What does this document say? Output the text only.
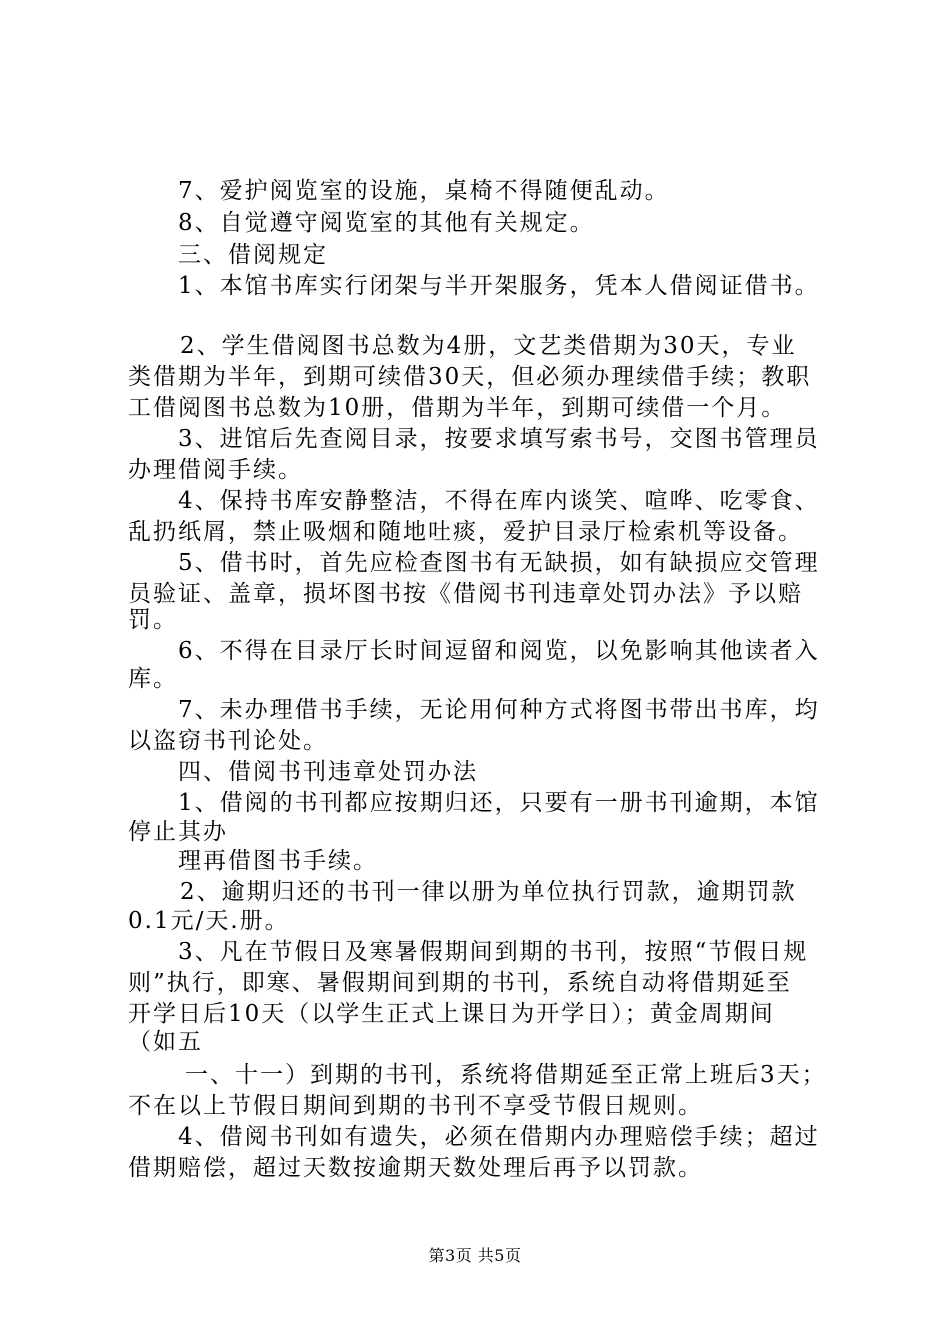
7、爱护阅览室的设施，桌椅不得随便乱动。
8、自觉遵守阅览室的其他有关规定。
三、借阅规定
1、本馆书库实行闭架与半开架服务，凭本人借阅证借书。
2、学生借阅图书总数为4册，文艺类借期为30天，专业
类借期为半年，到期可续借30天，但必须办理续借手续；教职
工借阅图书总数为10册，借期为半年，到期可续借一个月。
3、进馆后先查阅目录，按要求填写索书号，交图书管理员
办理借阅手续。
4、保持书库安静整洁，不得在库内谈笑、喧哗、吃零食、
乱扔纸屑，禁止吸烟和随地吐痰，爱护目录厅检索机等设备。
5、借书时，首先应检查图书有无缺损，如有缺损应交管理
员验证、盖章，损坏图书按《借阅书刊违章处罚办法》予以赔
罚。
6、不得在目录厅长时间逗留和阅览，以免影响其他读者入
库。
7、未办理借书手续，无论用何种方式将图书带出书库，均
以盗窃书刊论处。
四、借阅书刊违章处罚办法
1、借阅的书刊都应按期归还，只要有一册书刊逾期，本馆
停止其办
理再借图书手续。
2、逾期归还的书刊一律以册为单位执行罚款，逾期罚款
0.1元/天.册。
3、凡在节假日及寒暑假期间到期的书刊，按照“节假日规
则”执行，即寒、暑假期间到期的书刊，系统自动将借期延至
开学日后10天（以学生正式上课日为开学日）；黄金周期间
（如五
一、十一）到期的书刊，系统将借期延至正常上班后3天；
不在以上节假日期间到期的书刊不享受节假日规则。
4、借阅书刊如有遗失，必须在借期内办理赔偿手续；超过
借期赔偿，超过天数按逾期天数处理后再予以罚款。
第3页 共5页
